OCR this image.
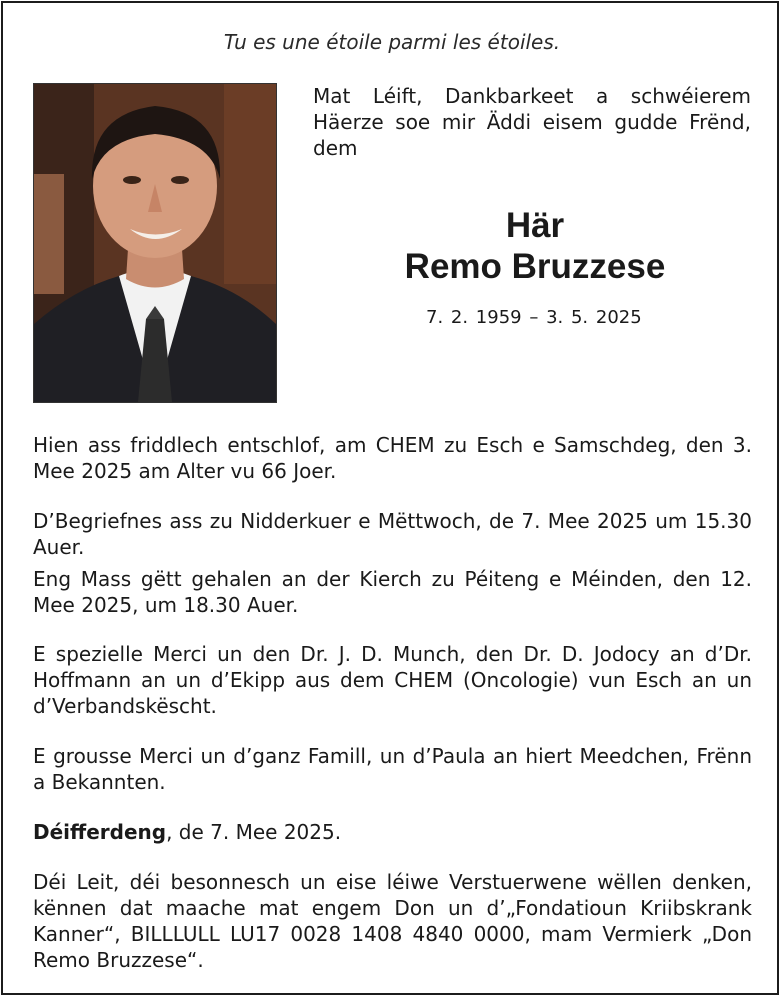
Tu es une étoile parmi les étoiles.
Mat Léift, Dankbarkeet a schwéierem Häerze soe mir Äddi eisem gudde Frënd, dem
Här
Remo Bruzzese
7. 2. 1959 – 3. 5. 2025

Hien ass friddlech entschlof, am CHEM zu Esch e Samschdeg, den 3. Mee 2025 am Alter vu 66 Joer.

D’Begriefnes ass zu Nidderkuer e Mëttwoch, de 7. Mee 2025 um 15.30 Auer.

Eng Mass gëtt gehalen an der Kierch zu Péiteng e Méinden, den 12. Mee 2025, um 18.30 Auer.

E spezielle Merci un den Dr. J. D. Munch, den Dr. D. Jodocy an d’Dr. Hoffmann an un d’Ekipp aus dem CHEM (Oncologie) vun Esch an un d’Verbandskëscht.

E grousse Merci un d’ganz Famill, un d’Paula an hiert Meedchen, Frënn a Bekannten.

Déifferdeng, de 7. Mee 2025.

Déi Leit, déi besonnesch un eise léiwe Verstuerwene wëllen denken, kënnen dat maache mat engem Don un d’„Fondatioun Kriibskrank Kanner“, BILLLULL LU17 0028 1408 4840 0000, mam Vermierk „Don Remo Bruzzese“.
